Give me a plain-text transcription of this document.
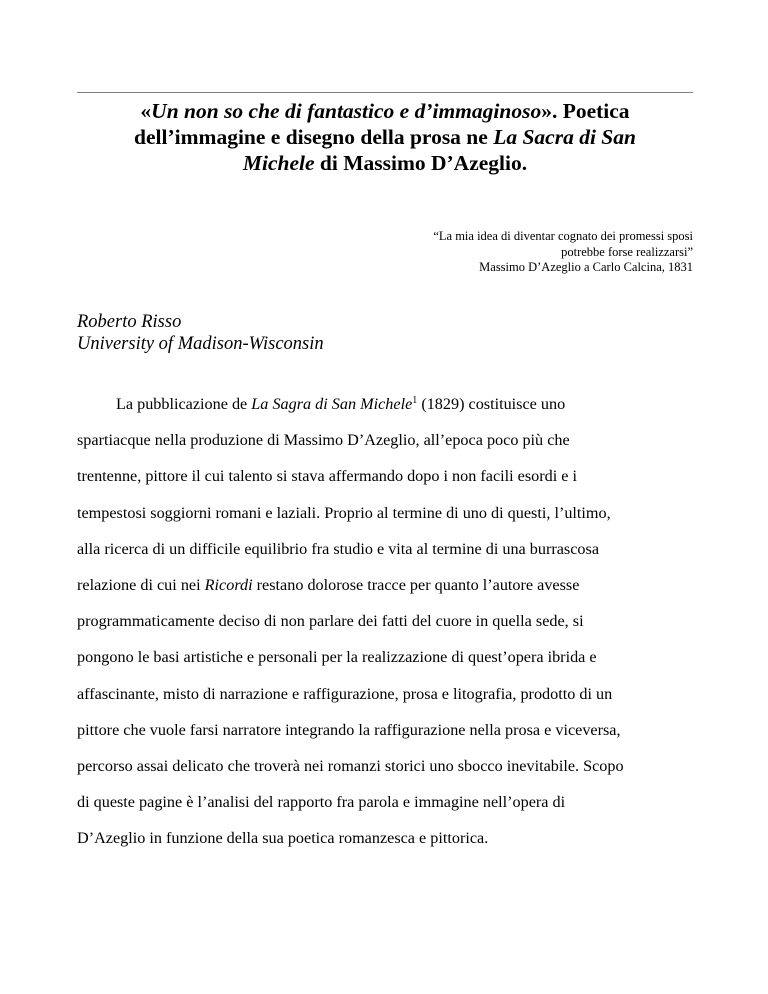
«Un non so che di fantastico e d’immaginoso». Poetica
dell’immagine e disegno della prosa ne La Sacra di San
Michele di Massimo D’Azeglio.
“La mia idea di diventar cognato dei promessi sposi
potrebbe forse realizzarsi”
Massimo D’Azeglio a Carlo Calcina, 1831
Roberto Risso
University of Madison-Wisconsin
La pubblicazione de La Sagra di San Michele$^1$ (1829) costituisce uno
spartiacque nella produzione di Massimo D’Azeglio, all’epoca poco più che
trentenne, pittore il cui talento si stava affermando dopo i non facili esordi e i
tempestosi soggiorni romani e laziali. Proprio al termine di uno di questi, l’ultimo,
alla ricerca di un difficile equilibrio fra studio e vita al termine di una burrascosa
relazione di cui nei Ricordi restano dolorose tracce per quanto l’autore avesse
programmaticamente deciso di non parlare dei fatti del cuore in quella sede, si
pongono le basi artistiche e personali per la realizzazione di quest’opera ibrida e
affascinante, misto di narrazione e raffigurazione, prosa e litografia, prodotto di un
pittore che vuole farsi narratore integrando la raffigurazione nella prosa e viceversa,
percorso assai delicato che troverà nei romanzi storici uno sbocco inevitabile. Scopo
di queste pagine è l’analisi del rapporto fra parola e immagine nell’opera di
D’Azeglio in funzione della sua poetica romanzesca e pittorica.
